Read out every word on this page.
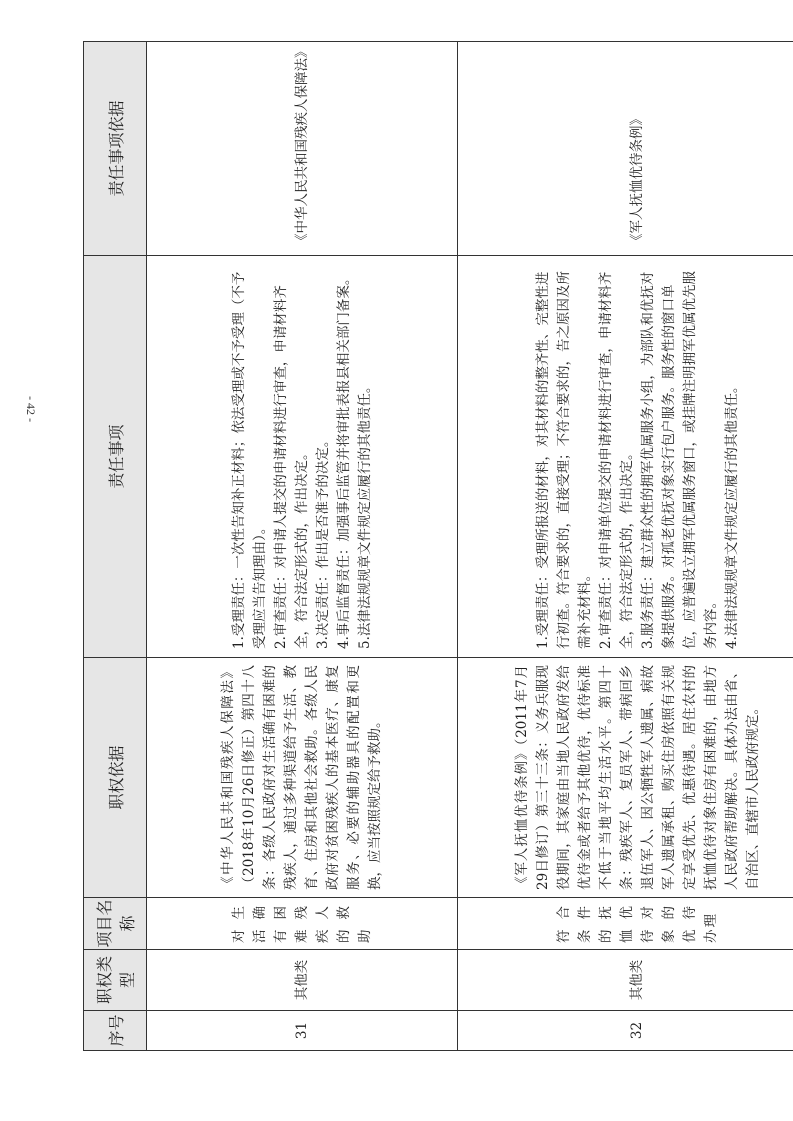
序号	职权类型	项目名称	职权依据	责任事项	责任事项依据
31	其他类	对生活确有困难残疾人的救助	《中华人民共和国残疾人保障法》（2018年10月26日修正）第四十八条：各级人民政府对生活确有困难的残疾人，通过多种渠道给予生活、教育、住房和其他社会救助。各级人民政府对贫困残疾人的基本医疗、康复服务、必要的辅助器具的配置和更换，应当按照规定给予救助。	1.受理责任：一次性告知补正材料；依法受理或不予受理（不予受理应当告知理由）。 2.审查责任：对申请人提交的申请材料进行审查，申请材料齐全，符合法定形式的，作出决定。 3.决定责任：作出是否准予的决定。 4.事后监督责任：加强事后监管并将审批表报县相关部门备案。 5.法律法规规章文件规定应履行的其他责任。	《中华人民共和国残疾人保障法》
32	其他类	符合条件的抚恤优待对象的优待办理	《军人抚恤优待条例》（2011年7月29日修订）第三十三条：义务兵服现役期间，其家庭由当地人民政府发给优待金或者给予其他优待，优待标准不低于当地平均生活水平。第四十条：残疾军人、复员军人、带病回乡退伍军人、因公牺牲军人遗属、病故军人遗属承租、购买住房依照有关规定享受优先、优惠待遇。居住农村的抚恤优待对象住房有困难的，由地方人民政府帮助解决。具体办法由省、自治区、直辖市人民政府规定。	1.受理责任：受理所报送的材料，对其材料的整齐性、完整性进行初查。符合要求的，直接受理；不符合要求的，告之原因及所需补充材料。 2.审查责任：对申请单位提交的申请材料进行审查，申请材料齐全，符合法定形式的，作出决定。 3.服务责任：建立群众性的拥军优属服务小组，为部队和优抚对象提供服务。对孤老优抚对象实行包户服务。服务性的窗口单位，应普遍设立拥军优属服务窗口，或挂牌注明拥军优属优先服务内容。 4.法律法规规章文件规定应履行的其他责任。	《军人抚恤优待条例》
- 42 -
